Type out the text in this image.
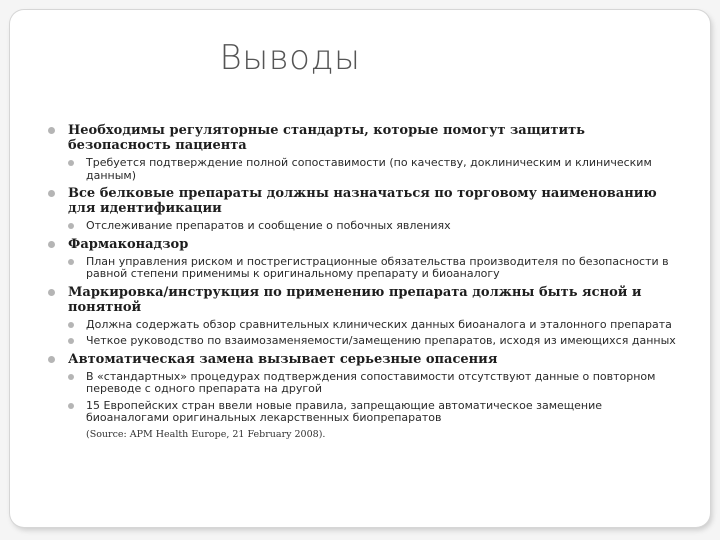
Выводы
Необходимы регуляторные стандарты, которые помогут защитить безопасность пациента
Требуется подтверждение полной сопоставимости (по качеству, доклиническим и клиническим данным)
Все белковые препараты должны назначаться по торговому наименованию для идентификации
Отслеживание препаратов и сообщение о побочных явлениях
Фармаконадзор
План управления риском и пострегистрационные обязательства производителя по безопасности в равной степени применимы к оригинальному препарату и биоаналогу
Маркировка/инструкция по применению препарата должны быть ясной и понятной
Должна содержать обзор сравнительных клинических данных биоаналога и эталонного препарата
Четкое руководство по взаимозаменяемости/замещению препаратов, исходя из имеющихся данных
Автоматическая замена вызывает серьезные опасения
В «стандартных» процедурах подтверждения сопоставимости отсутствуют данные о повторном переводе с одного препарата на другой
15 Европейских стран ввели новые правила, запрещающие автоматическое замещение биоаналогами оригинальных лекарственных биопрепаратов
(Source: APM Health Europe, 21 February 2008).
